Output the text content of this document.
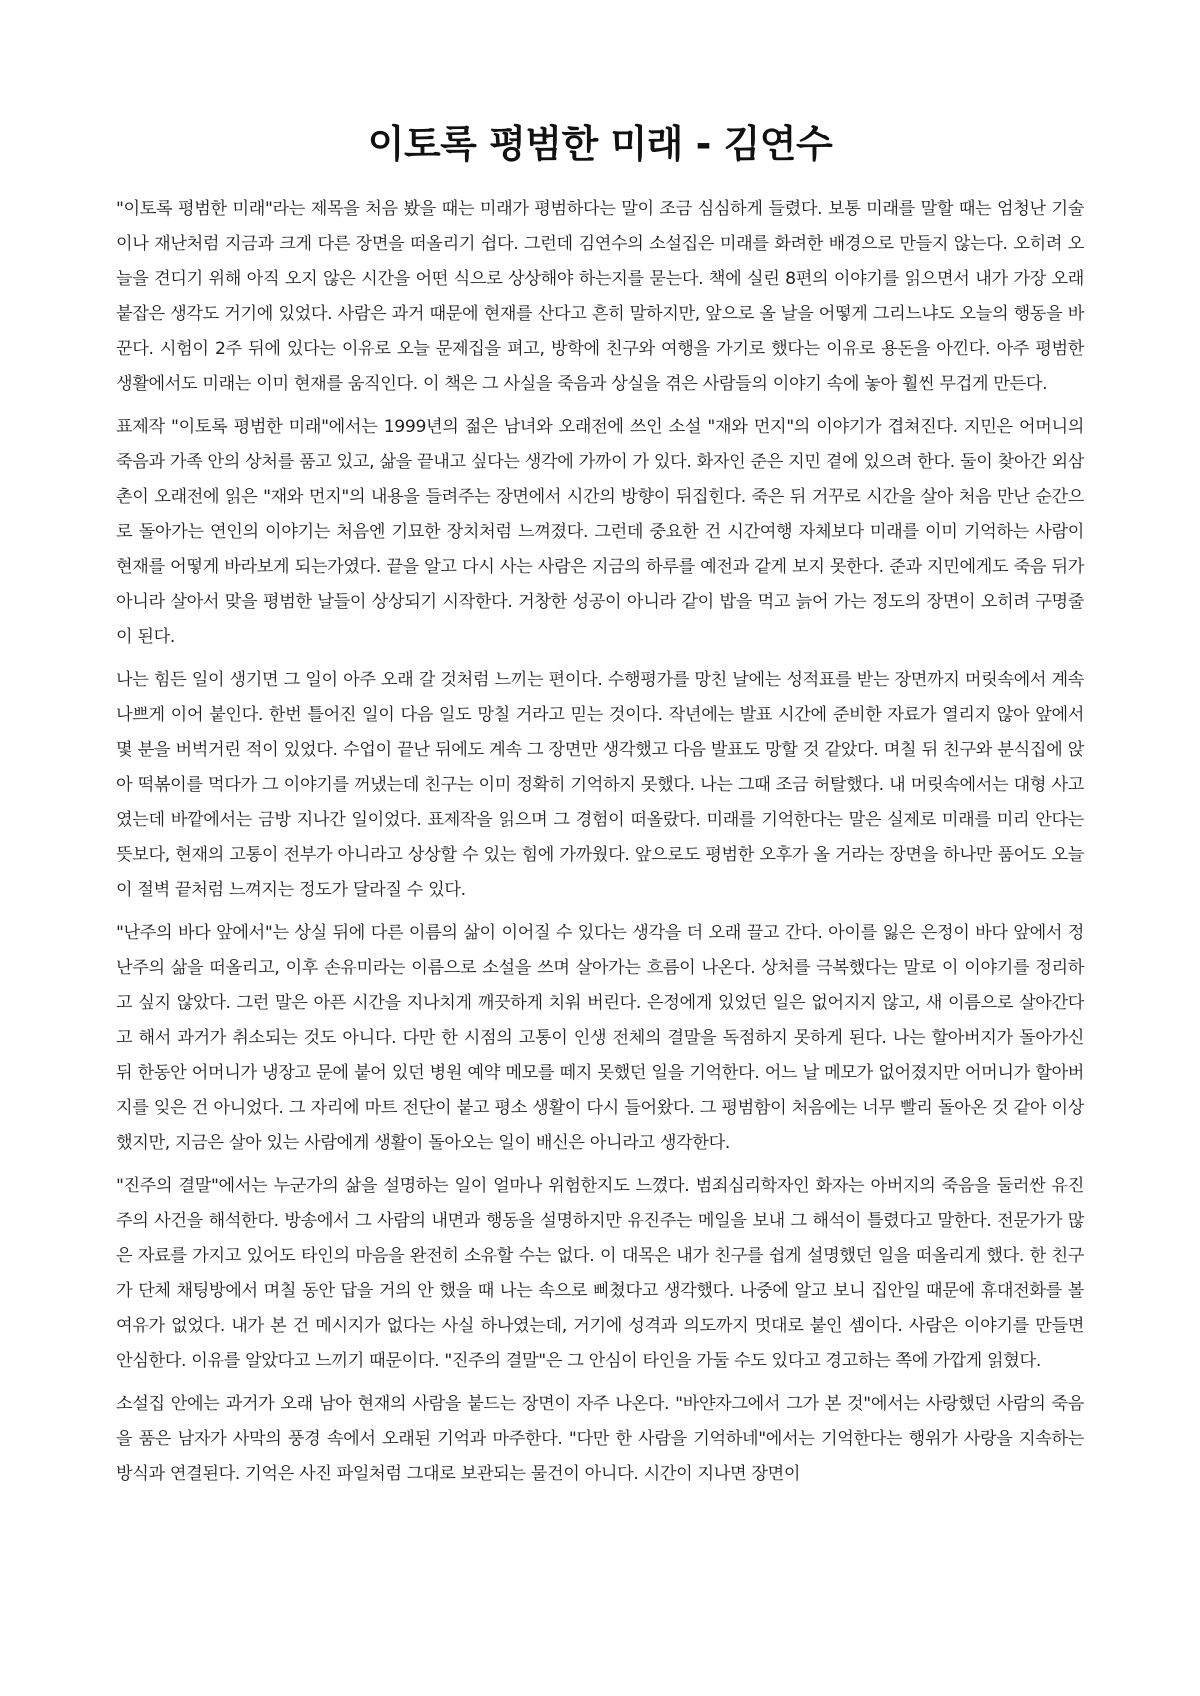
이토록 평범한 미래 - 김연수

"이토록 평범한 미래"라는 제목을 처음 봤을 때는 미래가 평범하다는 말이 조금 심심하게 들렸다. 보통 미래를 말할 때는 엄청난 기술이나 재난처럼 지금과 크게 다른 장면을 떠올리기 쉽다. 그런데 김연수의 소설집은 미래를 화려한 배경으로 만들지 않는다. 오히려 오늘을 견디기 위해 아직 오지 않은 시간을 어떤 식으로 상상해야 하는지를 묻는다. 책에 실린 8편의 이야기를 읽으면서 내가 가장 오래 붙잡은 생각도 거기에 있었다. 사람은 과거 때문에 현재를 산다고 흔히 말하지만, 앞으로 올 날을 어떻게 그리느냐도 오늘의 행동을 바꾼다. 시험이 2주 뒤에 있다는 이유로 오늘 문제집을 펴고, 방학에 친구와 여행을 가기로 했다는 이유로 용돈을 아낀다. 아주 평범한 생활에서도 미래는 이미 현재를 움직인다. 이 책은 그 사실을 죽음과 상실을 겪은 사람들의 이야기 속에 놓아 훨씬 무겁게 만든다.

표제작 "이토록 평범한 미래"에서는 1999년의 젊은 남녀와 오래전에 쓰인 소설 "재와 먼지"의 이야기가 겹쳐진다. 지민은 어머니의 죽음과 가족 안의 상처를 품고 있고, 삶을 끝내고 싶다는 생각에 가까이 가 있다. 화자인 준은 지민 곁에 있으려 한다. 둘이 찾아간 외삼촌이 오래전에 읽은 "재와 먼지"의 내용을 들려주는 장면에서 시간의 방향이 뒤집힌다. 죽은 뒤 거꾸로 시간을 살아 처음 만난 순간으로 돌아가는 연인의 이야기는 처음엔 기묘한 장치처럼 느껴졌다. 그런데 중요한 건 시간여행 자체보다 미래를 이미 기억하는 사람이 현재를 어떻게 바라보게 되는가였다. 끝을 알고 다시 사는 사람은 지금의 하루를 예전과 같게 보지 못한다. 준과 지민에게도 죽음 뒤가 아니라 살아서 맞을 평범한 날들이 상상되기 시작한다. 거창한 성공이 아니라 같이 밥을 먹고 늙어 가는 정도의 장면이 오히려 구명줄이 된다.

나는 힘든 일이 생기면 그 일이 아주 오래 갈 것처럼 느끼는 편이다. 수행평가를 망친 날에는 성적표를 받는 장면까지 머릿속에서 계속 나쁘게 이어 붙인다. 한번 틀어진 일이 다음 일도 망칠 거라고 믿는 것이다. 작년에는 발표 시간에 준비한 자료가 열리지 않아 앞에서 몇 분을 버벅거린 적이 있었다. 수업이 끝난 뒤에도 계속 그 장면만 생각했고 다음 발표도 망할 것 같았다. 며칠 뒤 친구와 분식집에 앉아 떡볶이를 먹다가 그 이야기를 꺼냈는데 친구는 이미 정확히 기억하지 못했다. 나는 그때 조금 허탈했다. 내 머릿속에서는 대형 사고였는데 바깥에서는 금방 지나간 일이었다. 표제작을 읽으며 그 경험이 떠올랐다. 미래를 기억한다는 말은 실제로 미래를 미리 안다는 뜻보다, 현재의 고통이 전부가 아니라고 상상할 수 있는 힘에 가까웠다. 앞으로도 평범한 오후가 올 거라는 장면을 하나만 품어도 오늘이 절벽 끝처럼 느껴지는 정도가 달라질 수 있다.

"난주의 바다 앞에서"는 상실 뒤에 다른 이름의 삶이 이어질 수 있다는 생각을 더 오래 끌고 간다. 아이를 잃은 은정이 바다 앞에서 정난주의 삶을 떠올리고, 이후 손유미라는 이름으로 소설을 쓰며 살아가는 흐름이 나온다. 상처를 극복했다는 말로 이 이야기를 정리하고 싶지 않았다. 그런 말은 아픈 시간을 지나치게 깨끗하게 치워 버린다. 은정에게 있었던 일은 없어지지 않고, 새 이름으로 살아간다고 해서 과거가 취소되는 것도 아니다. 다만 한 시점의 고통이 인생 전체의 결말을 독점하지 못하게 된다. 나는 할아버지가 돌아가신 뒤 한동안 어머니가 냉장고 문에 붙어 있던 병원 예약 메모를 떼지 못했던 일을 기억한다. 어느 날 메모가 없어졌지만 어머니가 할아버지를 잊은 건 아니었다. 그 자리에 마트 전단이 붙고 평소 생활이 다시 들어왔다. 그 평범함이 처음에는 너무 빨리 돌아온 것 같아 이상했지만, 지금은 살아 있는 사람에게 생활이 돌아오는 일이 배신은 아니라고 생각한다.

"진주의 결말"에서는 누군가의 삶을 설명하는 일이 얼마나 위험한지도 느꼈다. 범죄심리학자인 화자는 아버지의 죽음을 둘러싼 유진주의 사건을 해석한다. 방송에서 그 사람의 내면과 행동을 설명하지만 유진주는 메일을 보내 그 해석이 틀렸다고 말한다. 전문가가 많은 자료를 가지고 있어도 타인의 마음을 완전히 소유할 수는 없다. 이 대목은 내가 친구를 쉽게 설명했던 일을 떠올리게 했다. 한 친구가 단체 채팅방에서 며칠 동안 답을 거의 안 했을 때 나는 속으로 삐쳤다고 생각했다. 나중에 알고 보니 집안일 때문에 휴대전화를 볼 여유가 없었다. 내가 본 건 메시지가 없다는 사실 하나였는데, 거기에 성격과 의도까지 멋대로 붙인 셈이다. 사람은 이야기를 만들면 안심한다. 이유를 알았다고 느끼기 때문이다. "진주의 결말"은 그 안심이 타인을 가둘 수도 있다고 경고하는 쪽에 가깝게 읽혔다.

소설집 안에는 과거가 오래 남아 현재의 사람을 붙드는 장면이 자주 나온다. "바얀자그에서 그가 본 것"에서는 사랑했던 사람의 죽음을 품은 남자가 사막의 풍경 속에서 오래된 기억과 마주한다. "다만 한 사람을 기억하네"에서는 기억한다는 행위가 사랑을 지속하는 방식과 연결된다. 기억은 사진 파일처럼 그대로 보관되는 물건이 아니다. 시간이 지나면 장면이
